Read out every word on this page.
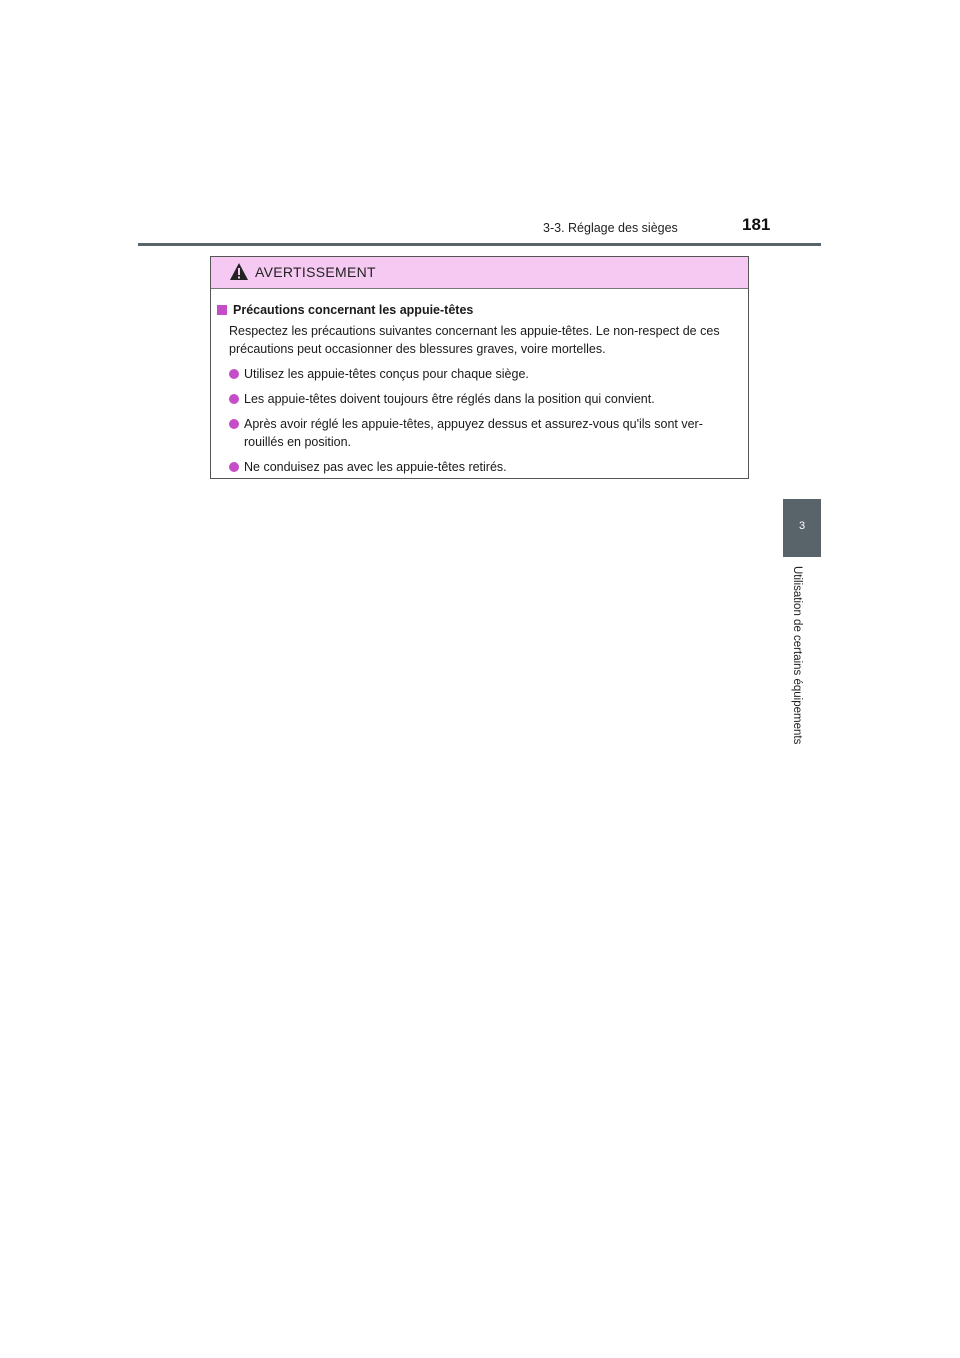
3-3. Réglage des sièges	181
3
Utilisation de certains équipements
AVERTISSEMENT
Précautions concernant les appuie-têtes
Respectez les précautions suivantes concernant les appuie-têtes. Le non-respect de ces précautions peut occasionner des blessures graves, voire mortelles.
Utilisez les appuie-têtes conçus pour chaque siège.
Les appuie-têtes doivent toujours être réglés dans la position qui convient.
Après avoir réglé les appuie-têtes, appuyez dessus et assurez-vous qu'ils sont ver-rouillés en position.
Ne conduisez pas avec les appuie-têtes retirés.
